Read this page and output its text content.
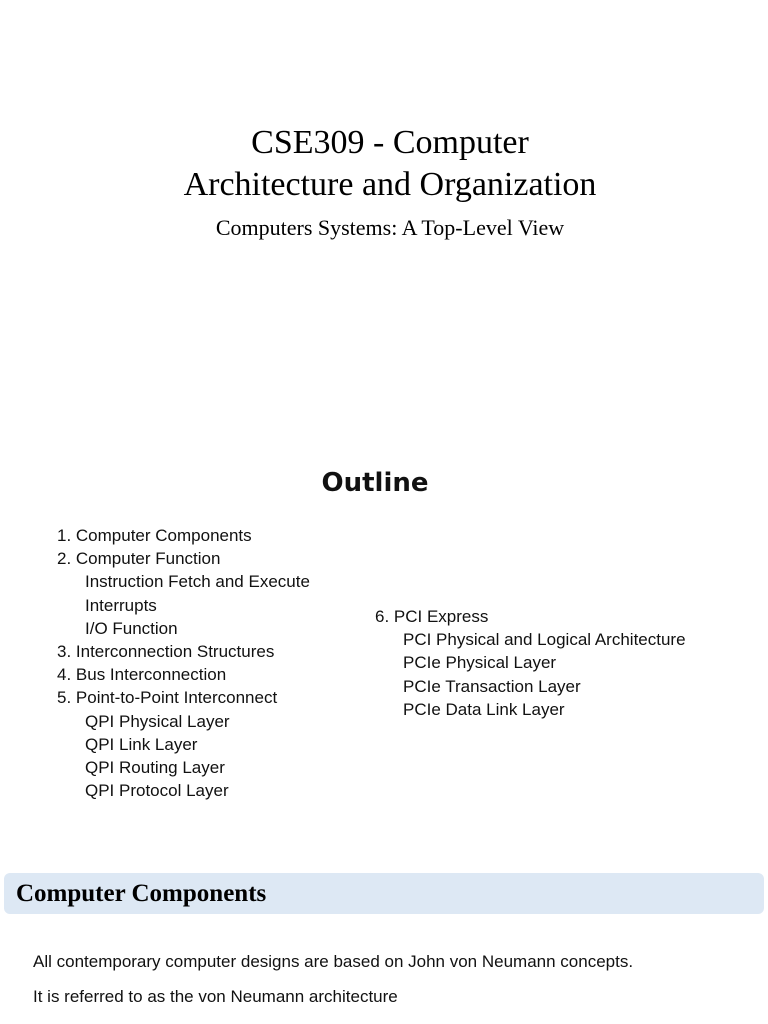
CSE309 - Computer
Architecture and Organization
Computers Systems: A Top-Level View
Outline
1. Computer Components
2. Computer Function
Instruction Fetch and Execute
Interrupts
I/O Function
3. Interconnection Structures
4. Bus Interconnection
5. Point-to-Point Interconnect
QPI Physical Layer
QPI Link Layer
QPI Routing Layer
QPI Protocol Layer
6. PCI Express
PCI Physical and Logical Architecture
PCIe Physical Layer
PCIe Transaction Layer
PCIe Data Link Layer
Computer Components
All contemporary computer designs are based on John von Neumann concepts.
It is referred to as the von Neumann architecture
